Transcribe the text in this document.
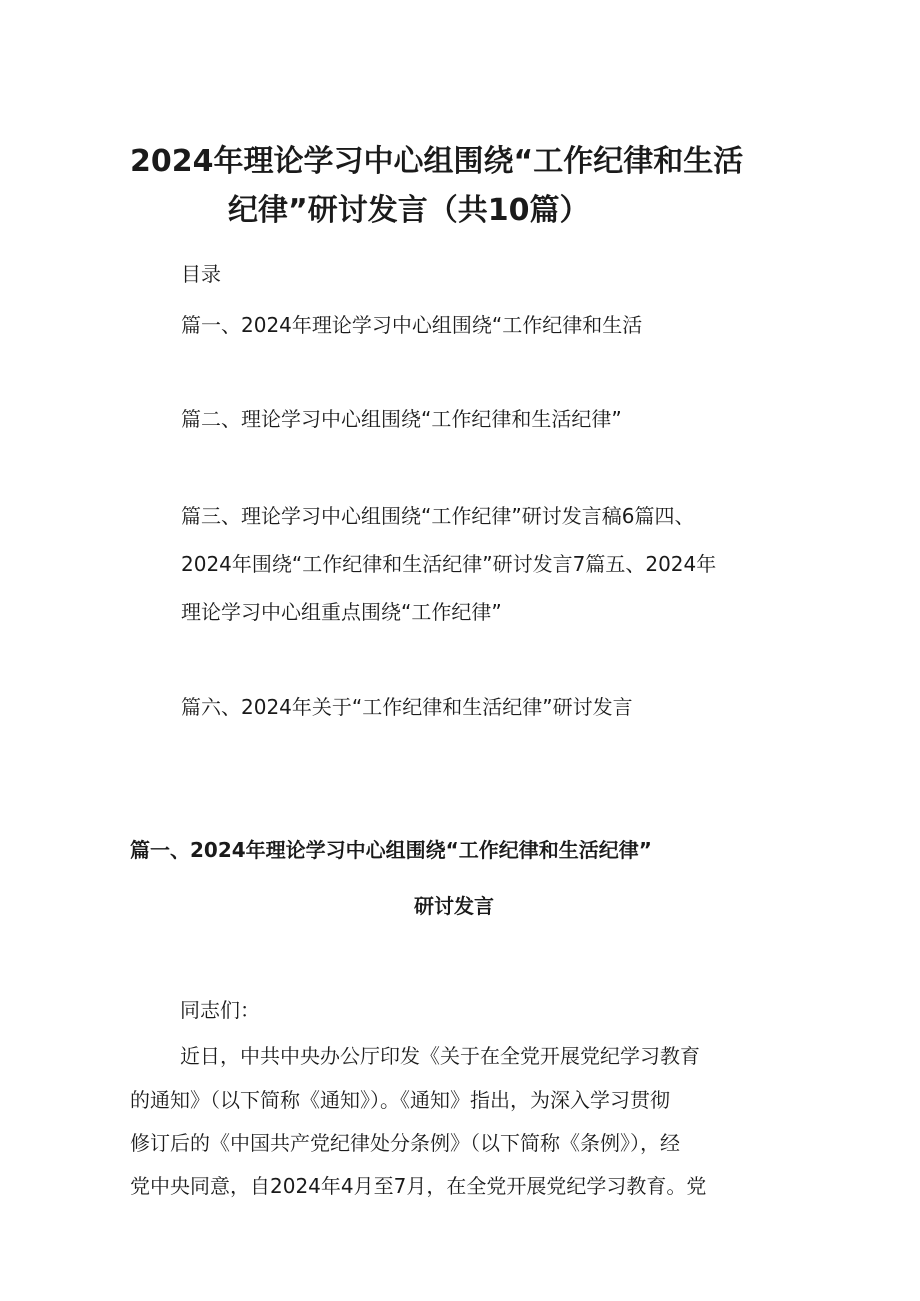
2024年理论学习中心组围绕“工作纪律和生活
纪律”研讨发言（共10篇）
目录
篇一、2024年理论学习中心组围绕“工作纪律和生活
篇二、理论学习中心组围绕“工作纪律和生活纪律”
篇三、理论学习中心组围绕“工作纪律”研讨发言稿6篇四、
2024年围绕“工作纪律和生活纪律”研讨发言7篇五、2024年
理论学习中心组重点围绕“工作纪律”
篇六、2024年关于“工作纪律和生活纪律”研讨发言
篇一、2024年理论学习中心组围绕“工作纪律和生活纪律”
研讨发言
同志们：
近日，中共中央办公厅印发《关于在全党开展党纪学习教育
的通知》（以下简称《通知》）。《通知》指出，为深入学习贯彻
修订后的《中国共产党纪律处分条例》（以下简称《条例》），经
党中央同意，自2024年4月至7月，在全党开展党纪学习教育。党
